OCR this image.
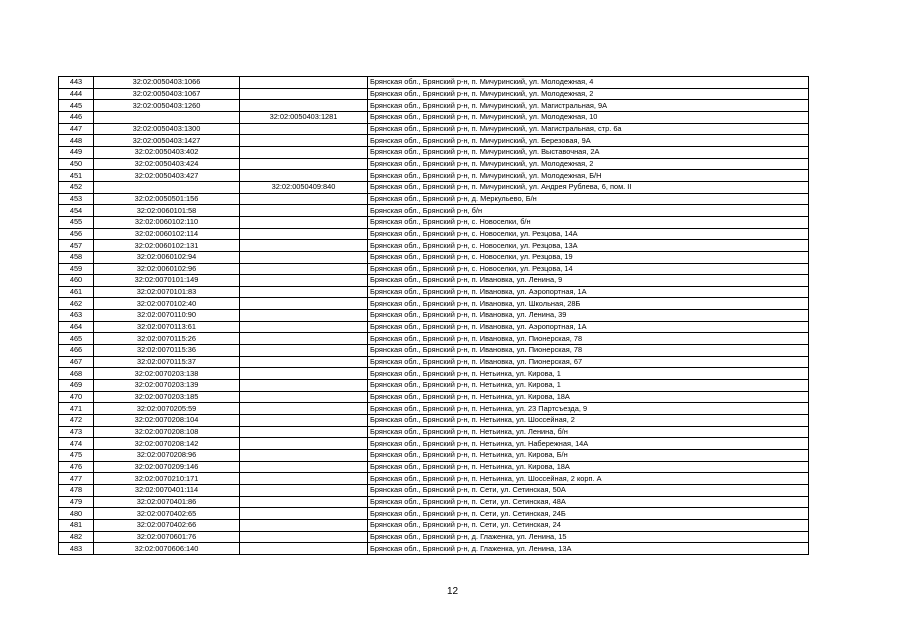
443	32:02:0050403:1066		Брянская обл., Брянский р-н, п. Мичуринский, ул. Молодежная, 4
444	32:02:0050403:1067		Брянская обл., Брянский р-н, п. Мичуринский, ул. Молодежная, 2
445	32:02:0050403:1260		Брянская обл., Брянский р-н, п. Мичуринский, ул. Магистральная, 9А
446		32:02:0050403:1281	Брянская обл., Брянский р-н, п. Мичуринский, ул. Молодежная, 10
447	32:02:0050403:1300		Брянская обл., Брянский р-н, п. Мичуринский, ул. Магистральная, стр. 6а
448	32:02:0050403:1427		Брянская обл., Брянский р-н, п. Мичуринский, ул. Березовая, 9А
449	32:02:0050403:402		Брянская обл., Брянский р-н, п. Мичуринский, ул. Выставочная, 2А
450	32:02:0050403:424		Брянская обл., Брянский р-н, п. Мичуринский, ул. Молодежная, 2
451	32:02:0050403:427		Брянская обл., Брянский р-н, п. Мичуринский, ул. Молодежная, Б/Н
452		32:02:0050409:840	Брянская обл., Брянский р-н, п. Мичуринский, ул. Андрея Рублева, 6, пом. II
453	32:02:0050501:156		Брянская обл., Брянский р-н, д. Меркульево, Б/н
454	32:02:0060101:58		Брянская обл., Брянский р-н, б/н
455	32:02:0060102:110		Брянская обл., Брянский р-н, с. Новоселки, б/н
456	32:02:0060102:114		Брянская обл., Брянский р-н, с. Новоселки, ул. Резцова, 14А
457	32:02:0060102:131		Брянская обл., Брянский р-н, с. Новоселки, ул. Резцова, 13А
458	32:02:0060102:94		Брянская обл., Брянский р-н, с. Новоселки, ул. Резцова, 19
459	32:02:0060102:96		Брянская обл., Брянский р-н, с. Новоселки, ул. Резцова, 14
460	32:02:0070101:149		Брянская обл., Брянский р-н, п. Ивановка, ул. Ленина, 9
461	32:02:0070101:83		Брянская обл., Брянский р-н, п. Ивановка, ул. Аэропортная, 1А
462	32:02:0070102:40		Брянская обл., Брянский р-н, п. Ивановка, ул. Школьная, 28Б
463	32:02:0070110:90		Брянская обл., Брянский р-н, п. Ивановка, ул. Ленина, 39
464	32:02:0070113:61		Брянская обл., Брянский р-н, п. Ивановка, ул. Аэропортная, 1А
465	32:02:0070115:26		Брянская обл., Брянский р-н, п. Ивановка, ул. Пионерская, 78
466	32:02:0070115:36		Брянская обл., Брянский р-н, п. Ивановка, ул. Пионерская, 78
467	32:02:0070115:37		Брянская обл., Брянский р-н, п. Ивановка, ул. Пионерская, 67
468	32:02:0070203:138		Брянская обл., Брянский р-н, п. Нетьинка, ул. Кирова, 1
469	32:02:0070203:139		Брянская обл., Брянский р-н, п. Нетьинка, ул. Кирова, 1
470	32:02:0070203:185		Брянская обл., Брянский р-н, п. Нетьинка, ул. Кирова, 18А
471	32:02:0070205:59		Брянская обл., Брянский р-н, п. Нетьинка, ул. 23 Партсъезда, 9
472	32:02:0070208:104		Брянская обл., Брянский р-н, п. Нетьинка, ул. Шоссейная, 2
473	32:02:0070208:108		Брянская обл., Брянский р-н, п. Нетьинка, ул. Ленина, б/н
474	32:02:0070208:142		Брянская обл., Брянский р-н, п. Нетьинка, ул. Набережная, 14А
475	32:02:0070208:96		Брянская обл., Брянский р-н, п. Нетьинка, ул. Кирова, Б/н
476	32:02:0070209:146		Брянская обл., Брянский р-н, п. Нетьинка, ул. Кирова, 18А
477	32:02:0070210:171		Брянская обл., Брянский р-н, п. Нетьинка, ул. Шоссейная, 2 корп. А
478	32:02:0070401:114		Брянская обл., Брянский р-н, п. Сети, ул. Сетинская, 50А
479	32:02:0070401:86		Брянская обл., Брянский р-н, п. Сети, ул. Сетинская, 48А
480	32:02:0070402:65		Брянская обл., Брянский р-н, п. Сети, ул. Сетинская, 24Б
481	32:02:0070402:66		Брянская обл., Брянский р-н, п. Сети, ул. Сетинская, 24
482	32:02:0070601:76		Брянская обл., Брянский р-н, д. Глаженка, ул. Ленина, 15
483	32:02:0070606:140		Брянская обл., Брянский р-н, д. Глаженка, ул. Ленина, 13А
12
